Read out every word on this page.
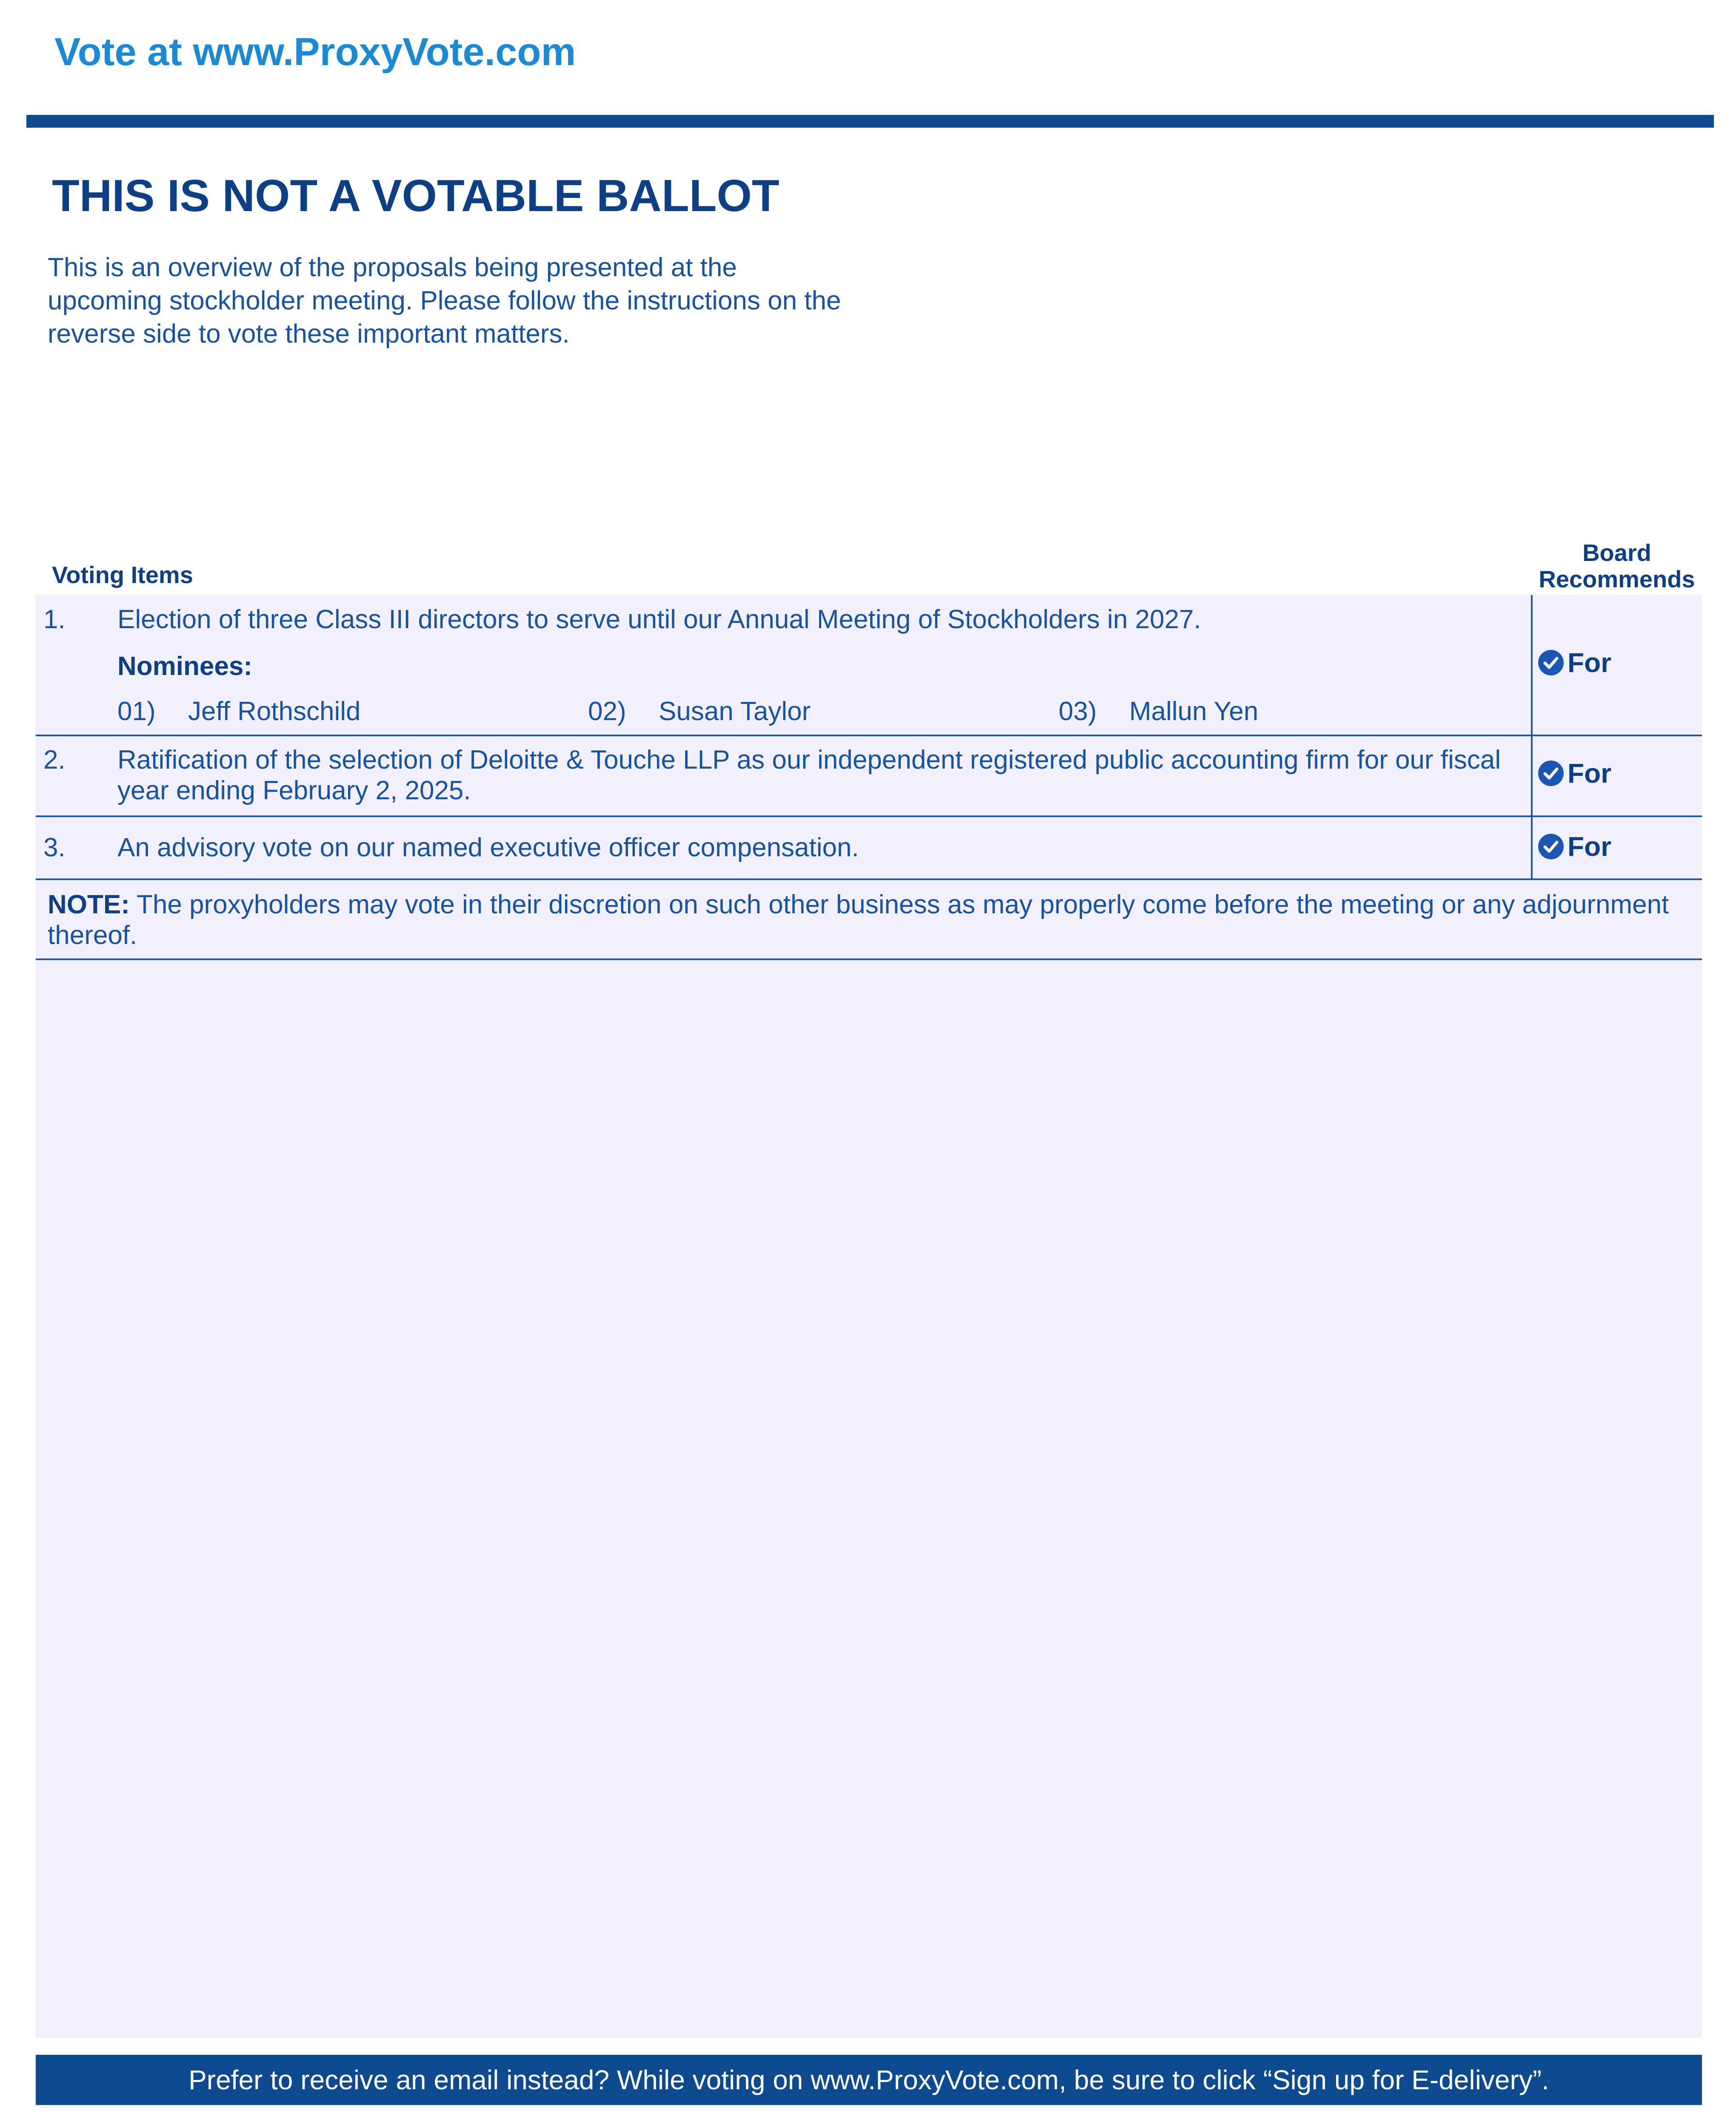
Vote at www.ProxyVote.com
THIS IS NOT A VOTABLE BALLOT
This is an overview of the proposals being presented at the upcoming stockholder meeting. Please follow the instructions on the reverse side to vote these important matters.
Voting Items
Board Recommends
1. Election of three Class III directors to serve until our Annual Meeting of Stockholders in 2027.
Nominees:
01) Jeff Rothschild	02) Susan Taylor	03) Mallun Yen
For
2. Ratification of the selection of Deloitte & Touche LLP as our independent registered public accounting firm for our fiscal year ending February 2, 2025.
For
3. An advisory vote on our named executive officer compensation.	For
NOTE: The proxyholders may vote in their discretion on such other business as may properly come before the meeting or any adjournment thereof.
Prefer to receive an email instead? While voting on www.ProxyVote.com, be sure to click “Sign up for E-delivery”.
